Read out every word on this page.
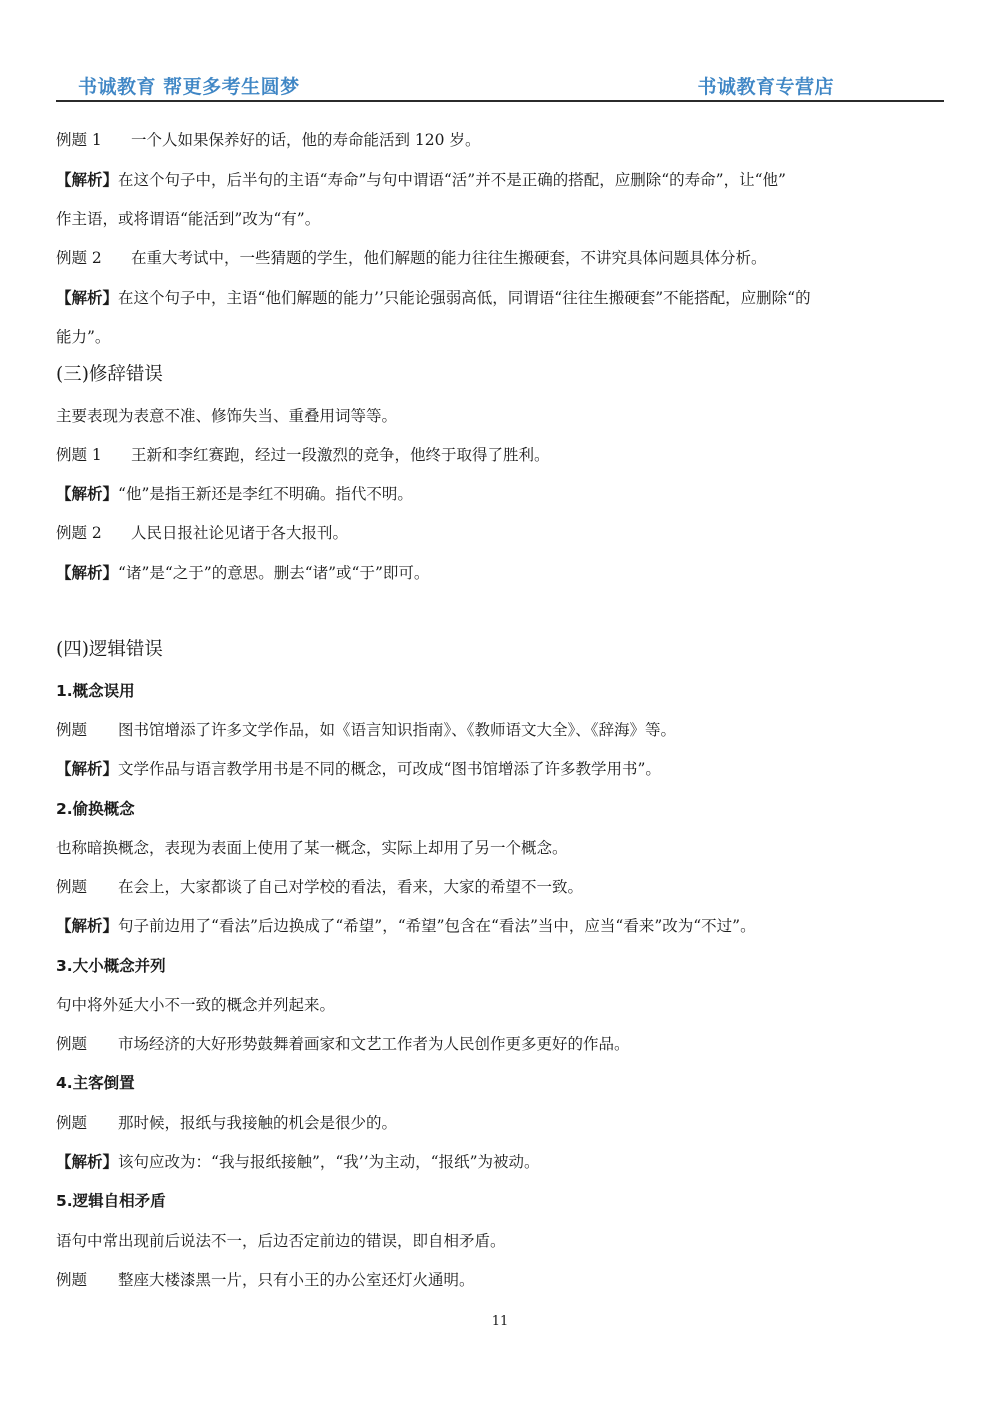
书诚教育 帮更多考生圆梦	书诚教育专营店
例题 1 一个人如果保养好的话，他的寿命能活到 120 岁。
【解析】在这个句子中，后半句的主语“寿命”与句中谓语“活”并不是正确的搭配，应删除“的寿命”，让“他”
作主语，或将谓语“能活到”改为“有”。
例题 2 在重大考试中，一些猜题的学生，他们解题的能力往往生搬硬套，不讲究具体问题具体分析。
【解析】在这个句子中，主语“他们解题的能力’’只能论强弱高低，同谓语“往往生搬硬套”不能搭配，应删除“的
能力”。
(三)修辞错误
主要表现为表意不准、修饰失当、重叠用词等等。
例题 1 王新和李红赛跑，经过一段激烈的竞争，他终于取得了胜利。
【解析】“他”是指王新还是李红不明确。指代不明。
例题 2 人民日报社论见诸于各大报刊。
【解析】“诸”是“之于”的意思。删去“诸”或“于”即可。
(四)逻辑错误
1.概念误用
例题 图书馆增添了许多文学作品，如《语言知识指南》、《教师语文大全》、《辞海》等。
【解析】文学作品与语言教学用书是不同的概念，可改成“图书馆增添了许多教学用书”。
2.偷换概念
也称暗换概念，表现为表面上使用了某一概念，实际上却用了另一个概念。
例题 在会上，大家都谈了自己对学校的看法，看来，大家的希望不一致。
【解析】句子前边用了“看法”后边换成了“希望”，“希望”包含在“看法”当中，应当“看来”改为“不过”。
3.大小概念并列
句中将外延大小不一致的概念并列起来。
例题 市场经济的大好形势鼓舞着画家和文艺工作者为人民创作更多更好的作品。
4.主客倒置
例题 那时候，报纸与我接触的机会是很少的。
【解析】该句应改为：“我与报纸接触”，“我’’为主动，“报纸”为被动。
5.逻辑自相矛盾
语句中常出现前后说法不一，后边否定前边的错误，即自相矛盾。
例题 整座大楼漆黑一片，只有小王的办公室还灯火通明。
11
